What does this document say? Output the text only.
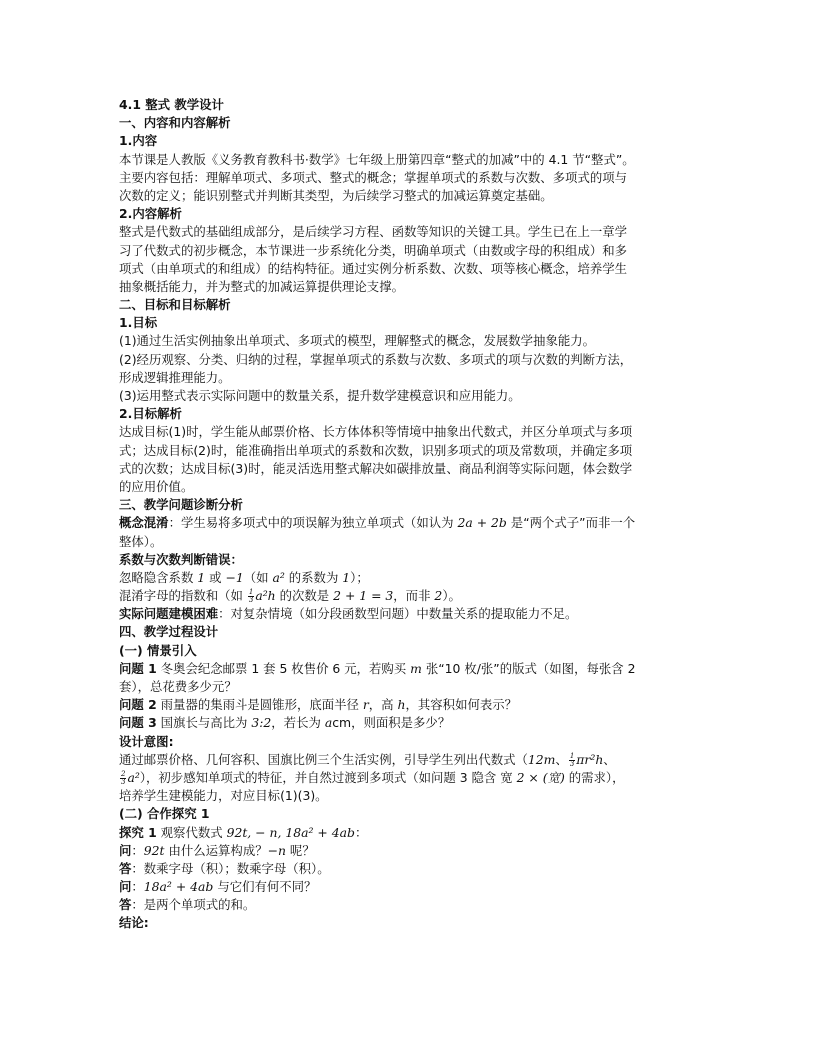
4.1 整式 教学设计
一、内容和内容解析
1.内容
本节课是人教版《义务教育教科书·数学》七年级上册第四章“整式的加减”中的 4.1 节“整式”。
主要内容包括：理解单项式、多项式、整式的概念；掌握单项式的系数与次数、多项式的项与
次数的定义；能识别整式并判断其类型，为后续学习整式的加减运算奠定基础。
2.内容解析
整式是代数式的基础组成部分，是后续学习方程、函数等知识的关键工具。学生已在上一章学
习了代数式的初步概念，本节课进一步系统化分类，明确单项式（由数或字母的积组成）和多
项式（由单项式的和组成）的结构特征。通过实例分析系数、次数、项等核心概念，培养学生
抽象概括能力，并为整式的加减运算提供理论支撑。
二、目标和目标解析
1.目标
(1)通过生活实例抽象出单项式、多项式的模型，理解整式的概念，发展数学抽象能力。
(2)经历观察、分类、归纳的过程，掌握单项式的系数与次数、多项式的项与次数的判断方法，
形成逻辑推理能力。
(3)运用整式表示实际问题中的数量关系，提升数学建模意识和应用能力。
2.目标解析
达成目标(1)时，学生能从邮票价格、长方体体积等情境中抽象出代数式，并区分单项式与多项
式；达成目标(2)时，能准确指出单项式的系数和次数，识别多项式的项及常数项，并确定多项
式的次数；达成目标(3)时，能灵活选用整式解决如碳排放量、商品利润等实际问题，体会数学
的应用价值。
三、教学问题诊断分析
概念混淆：学生易将多项式中的项误解为独立单项式（如认为 2a + 2b 是“两个式子”而非一个
整体）。
系数与次数判断错误：
忽略隐含系数 1 或 −1（如 a² 的系数为 1）；
混淆字母的指数和（如 $\frac{1}{3} a^2h$ 的次数是 2 + 1 = 3，而非 2）。
实际问题建模困难：对复杂情境（如分段函数型问题）中数量关系的提取能力不足。
四、教学过程设计
(一) 情景引入
问题 1 冬奥会纪念邮票 1 套 5 枚售价 6 元，若购买 m 张“10 枚/张”的版式（如图，每张含 2
套），总花费多少元？
问题 2 雨量器的集雨斗是圆锥形，底面半径 r，高 h，其容积如何表示？
问题 3 国旗长与高比为 3:2，若长为 acm，则面积是多少？
设计意图:
通过邮票价格、几何容积、国旗比例三个生活实例，引导学生列出代数式（12m、 $\frac{1}{3} \pi r^2h$、
$\frac{2}{3} a^2$），初步感知单项式的特征，并自然过渡到多项式（如问题 3 隐含 宽 2 × (宽) 的需求），
培养学生建模能力，对应目标(1)(3)。
(二) 合作探究 1
探究 1 观察代数式 92t, − n, 18a² + 4ab：
问：92t 由什么运算构成？−n 呢？
答：数乘字母（积）；数乘字母（积）。
问：18a² + 4ab 与它们有何不同？
答：是两个单项式的和。
结论:
